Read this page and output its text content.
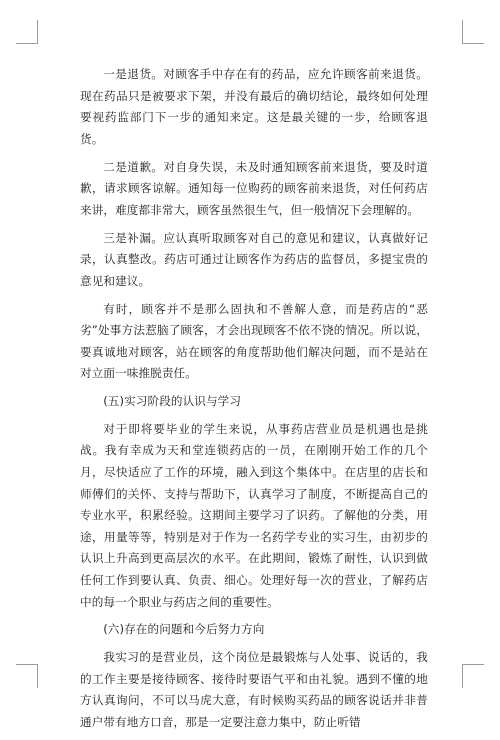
一是退货。对顾客手中存在有的药品，应允许顾客前来退货。现在药品只是被要求下架，并没有最后的确切结论，最终如何处理要视药监部门下一步的通知来定。这是最关键的一步，给顾客退货。

二是道歉。对自身失误，未及时通知顾客前来退货，要及时道歉，请求顾客谅解。通知每一位购药的顾客前来退货，对任何药店来讲，难度都非常大，顾客虽然很生气，但一般情况下会理解的。

三是补漏。应认真听取顾客对自己的意见和建议，认真做好记录，认真整改。药店可通过让顾客作为药店的监督员，多提宝贵的意见和建议。

有时，顾客并不是那么固执和不善解人意，而是药店的“恶劣”处事方法惹脑了顾客，才会出现顾客不依不饶的情况。所以说，要真诚地对顾客，站在顾客的角度帮助他们解决问题，而不是站在对立面一味推脱责任。

(五)实习阶段的认识与学习

对于即将要毕业的学生来说，从事药店营业员是机遇也是挑战。我有幸成为天和堂连锁药店的一员，在刚刚开始工作的几个月，尽快适应了工作的环境，融入到这个集体中。在店里的店长和师傅们的关怀、支持与帮助下，认真学习了制度，不断提高自己的专业水平，积累经验。这期间主要学习了识药。了解他的分类，用途，用量等等，特别是对于作为一名药学专业的实习生，由初步的认识上升高到更高层次的水平。在此期间，锻炼了耐性，认识到做任何工作到要认真、负责、细心。处理好每一次的营业，了解药店中的每一个职业与药店之间的重要性。

(六)存在的问题和今后努力方向

我实习的是营业员，这个岗位是最锻炼与人处事、说话的，我的工作主要是接待顾客、接待时要语气平和由礼貌。遇到不懂的地方认真询问，不可以马虎大意，有时候购买药品的顾客说话并非普通户带有地方口音，那是一定要注意力集中，防止听错
